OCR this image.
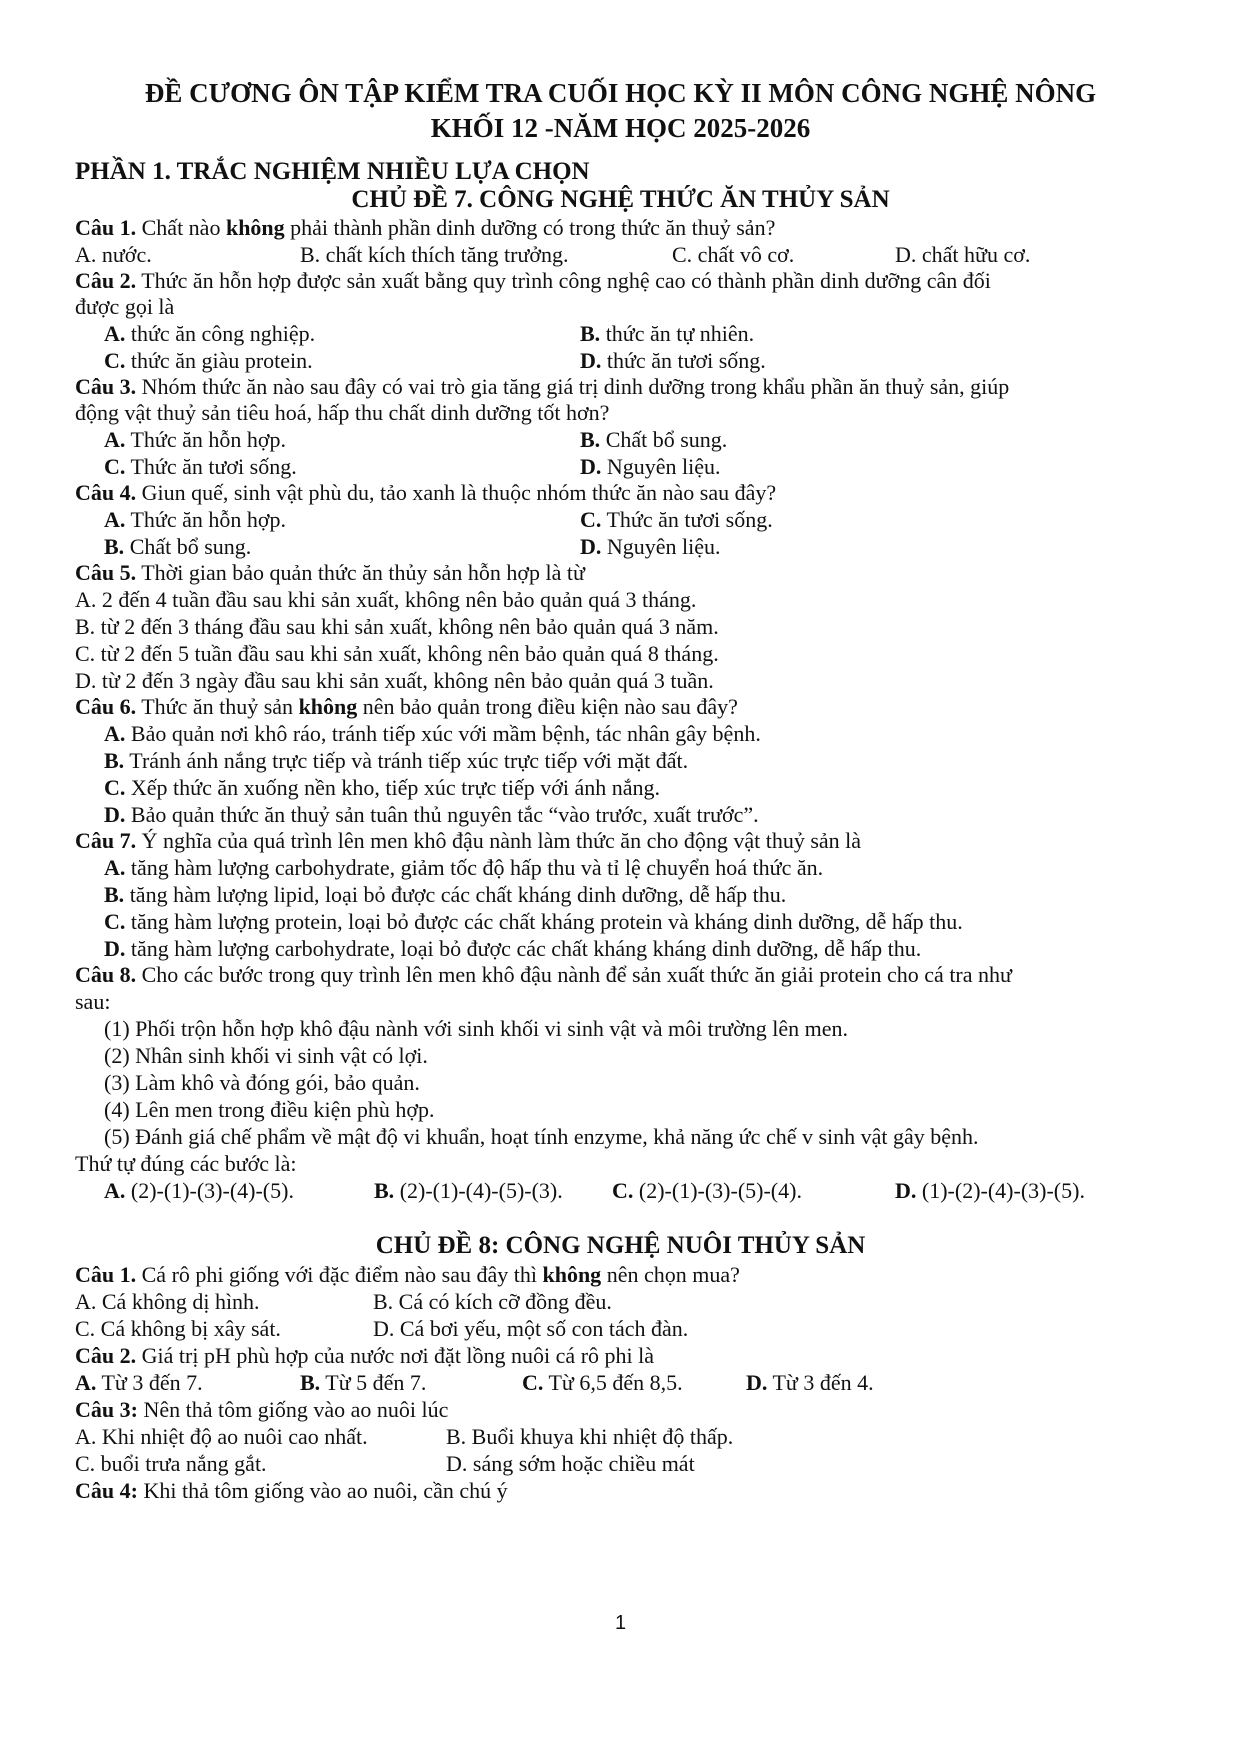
ĐỀ CƯƠNG ÔN TẬP KIỂM TRA CUỐI HỌC KỲ II MÔN CÔNG NGHỆ NÔNG
KHỐI 12 -NĂM HỌC 2025-2026
PHẦN 1. TRẮC NGHIỆM NHIỀU LỰA CHỌN
CHỦ ĐỀ 7. CÔNG NGHỆ THỨC ĂN THỦY SẢN
Câu 1. Chất nào không phải thành phần dinh dưỡng có trong thức ăn thuỷ sản?
A. nước.	B. chất kích thích tăng trưởng.	C. chất vô cơ.	D. chất hữu cơ.
Câu 2. Thức ăn hỗn hợp được sản xuất bằng quy trình công nghệ cao có thành phần dinh dưỡng cân đối
được gọi là
A. thức ăn công nghiệp.	B. thức ăn tự nhiên.
C. thức ăn giàu protein.	D. thức ăn tươi sống.
Câu 3. Nhóm thức ăn nào sau đây có vai trò gia tăng giá trị dinh dưỡng trong khẩu phần ăn thuỷ sản, giúp
động vật thuỷ sản tiêu hoá, hấp thu chất dinh dưỡng tốt hơn?
A. Thức ăn hỗn hợp.	B. Chất bổ sung.
C. Thức ăn tươi sống.	D. Nguyên liệu.
Câu 4. Giun quế, sinh vật phù du, tảo xanh là thuộc nhóm thức ăn nào sau đây?
A. Thức ăn hỗn hợp.	C. Thức ăn tươi sống.
B. Chất bổ sung.	D. Nguyên liệu.
Câu 5. Thời gian bảo quản thức ăn thủy sản hỗn hợp là từ
A. 2 đến 4 tuần đầu sau khi sản xuất, không nên bảo quản quá 3 tháng.
B. từ 2 đến 3 tháng đầu sau khi sản xuất, không nên bảo quản quá 3 năm.
C. từ 2 đến 5 tuần đầu sau khi sản xuất, không nên bảo quản quá 8 tháng.
D. từ 2 đến 3 ngày đầu sau khi sản xuất, không nên bảo quản quá 3 tuần.
Câu 6. Thức ăn thuỷ sản không nên bảo quản trong điều kiện nào sau đây?
A. Bảo quản nơi khô ráo, tránh tiếp xúc với mầm bệnh, tác nhân gây bệnh.
B. Tránh ánh nắng trực tiếp và tránh tiếp xúc trực tiếp với mặt đất.
C. Xếp thức ăn xuống nền kho, tiếp xúc trực tiếp với ánh nắng.
D. Bảo quản thức ăn thuỷ sản tuân thủ nguyên tắc “vào trước, xuất trước”.
Câu 7. Ý nghĩa của quá trình lên men khô đậu nành làm thức ăn cho động vật thuỷ sản là
A. tăng hàm lượng carbohydrate, giảm tốc độ hấp thu và tỉ lệ chuyển hoá thức ăn.
B. tăng hàm lượng lipid, loại bỏ được các chất kháng dinh dưỡng, dễ hấp thu.
C. tăng hàm lượng protein, loại bỏ được các chất kháng protein và kháng dinh dưỡng, dễ hấp thu.
D. tăng hàm lượng carbohydrate, loại bỏ được các chất kháng kháng dinh dưỡng, dễ hấp thu.
Câu 8. Cho các bước trong quy trình lên men khô đậu nành để sản xuất thức ăn giải protein cho cá tra như
sau:
(1) Phối trộn hỗn hợp khô đậu nành với sinh khối vi sinh vật và môi trường lên men.
(2) Nhân sinh khối vi sinh vật có lợi.
(3) Làm khô và đóng gói, bảo quản.
(4) Lên men trong điều kiện phù hợp.
(5) Đánh giá chế phẩm về mật độ vi khuẩn, hoạt tính enzyme, khả năng ức chế v sinh vật gây bệnh.
Thứ tự đúng các bước là:
A. (2)-(1)-(3)-(4)-(5).	B. (2)-(1)-(4)-(5)-(3). C. (2)-(1)-(3)-(5)-(4).	D. (1)-(2)-(4)-(3)-(5).
CHỦ ĐỀ 8: CÔNG NGHỆ NUÔI THỦY SẢN
Câu 1. Cá rô phi giống với đặc điểm nào sau đây thì không nên chọn mua?
A. Cá không dị hình.	B. Cá có kích cỡ đồng đều.
C. Cá không bị xây sát.	D. Cá bơi yếu, một số con tách đàn.
Câu 2. Giá trị pH phù hợp của nước nơi đặt lồng nuôi cá rô phi là
A. Từ 3 đến 7.	B. Từ 5 đến 7.	C. Từ 6,5 đến 8,5.	D. Từ 3 đến 4.
Câu 3: Nên thả tôm giống vào ao nuôi lúc
A. Khi nhiệt độ ao nuôi cao nhất.	B. Buổi khuya khi nhiệt độ thấp.
C. buổi trưa nắng gắt.	D. sáng sớm hoặc chiều mát
Câu 4: Khi thả tôm giống vào ao nuôi, cần chú ý
1
